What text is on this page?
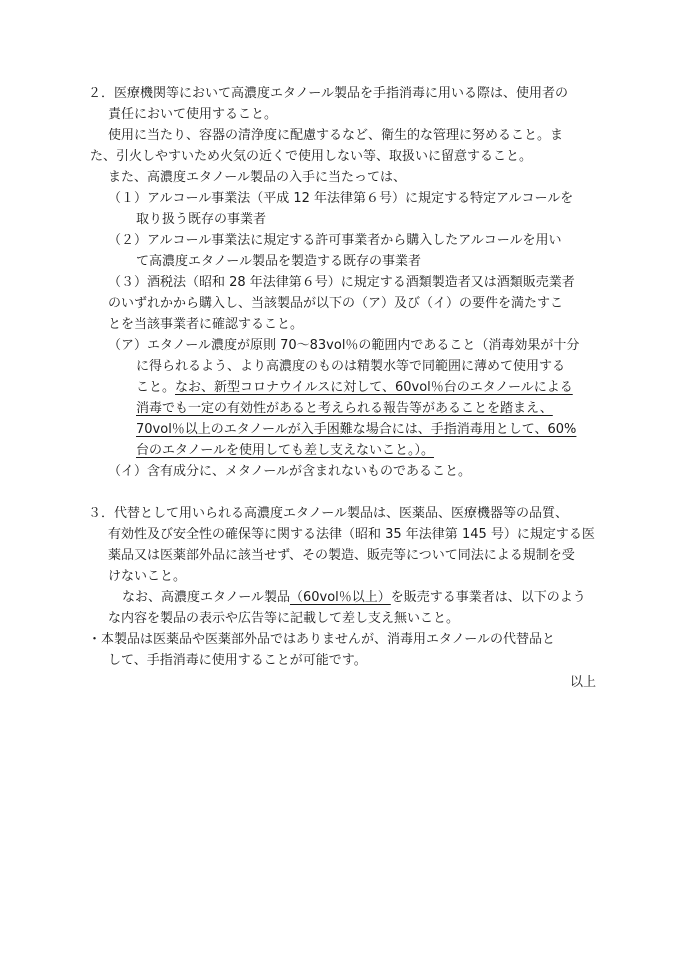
２．医療機関等において高濃度エタノール製品を手指消毒に用いる際は、使用者の
責任において使用すること。
使用に当たり、容器の清浄度に配慮するなど、衛生的な管理に努めること。ま
た、引火しやすいため火気の近くで使用しない等、取扱いに留意すること。
また、高濃度エタノール製品の入手に当たっては、
（１）アルコール事業法（平成 12 年法律第６号）に規定する特定アルコールを
取り扱う既存の事業者
（２）アルコール事業法に規定する許可事業者から購入したアルコールを用い
て高濃度エタノール製品を製造する既存の事業者
（３）酒税法（昭和 28 年法律第６号）に規定する酒類製造者又は酒類販売業者
のいずれかから購入し、当該製品が以下の（ア）及び（イ）の要件を満たすこ
とを当該事業者に確認すること。
（ア）エタノール濃度が原則 70～83vol％の範囲内であること（消毒効果が十分
に得られるよう、より高濃度のものは精製水等で同範囲に薄めて使用する
こと。なお、新型コロナウイルスに対して、60vol％台のエタノールによる
消毒でも一定の有効性があると考えられる報告等があることを踏まえ、
70vol％以上のエタノールが入手困難な場合には、手指消毒用として、60%
台のエタノールを使用しても差し支えないこと。）。
（イ）含有成分に、メタノールが含まれないものであること。
３．代替として用いられる高濃度エタノール製品は、医薬品、医療機器等の品質、
有効性及び安全性の確保等に関する法律（昭和 35 年法律第 145 号）に規定する医
薬品又は医薬部外品に該当せず、その製造、販売等について同法による規制を受
けないこと。
なお、高濃度エタノール製品（60vol％以上）を販売する事業者は、以下のよう
な内容を製品の表示や広告等に記載して差し支え無いこと。
・本製品は医薬品や医薬部外品ではありませんが、消毒用エタノールの代替品と
して、手指消毒に使用することが可能です。
以上
